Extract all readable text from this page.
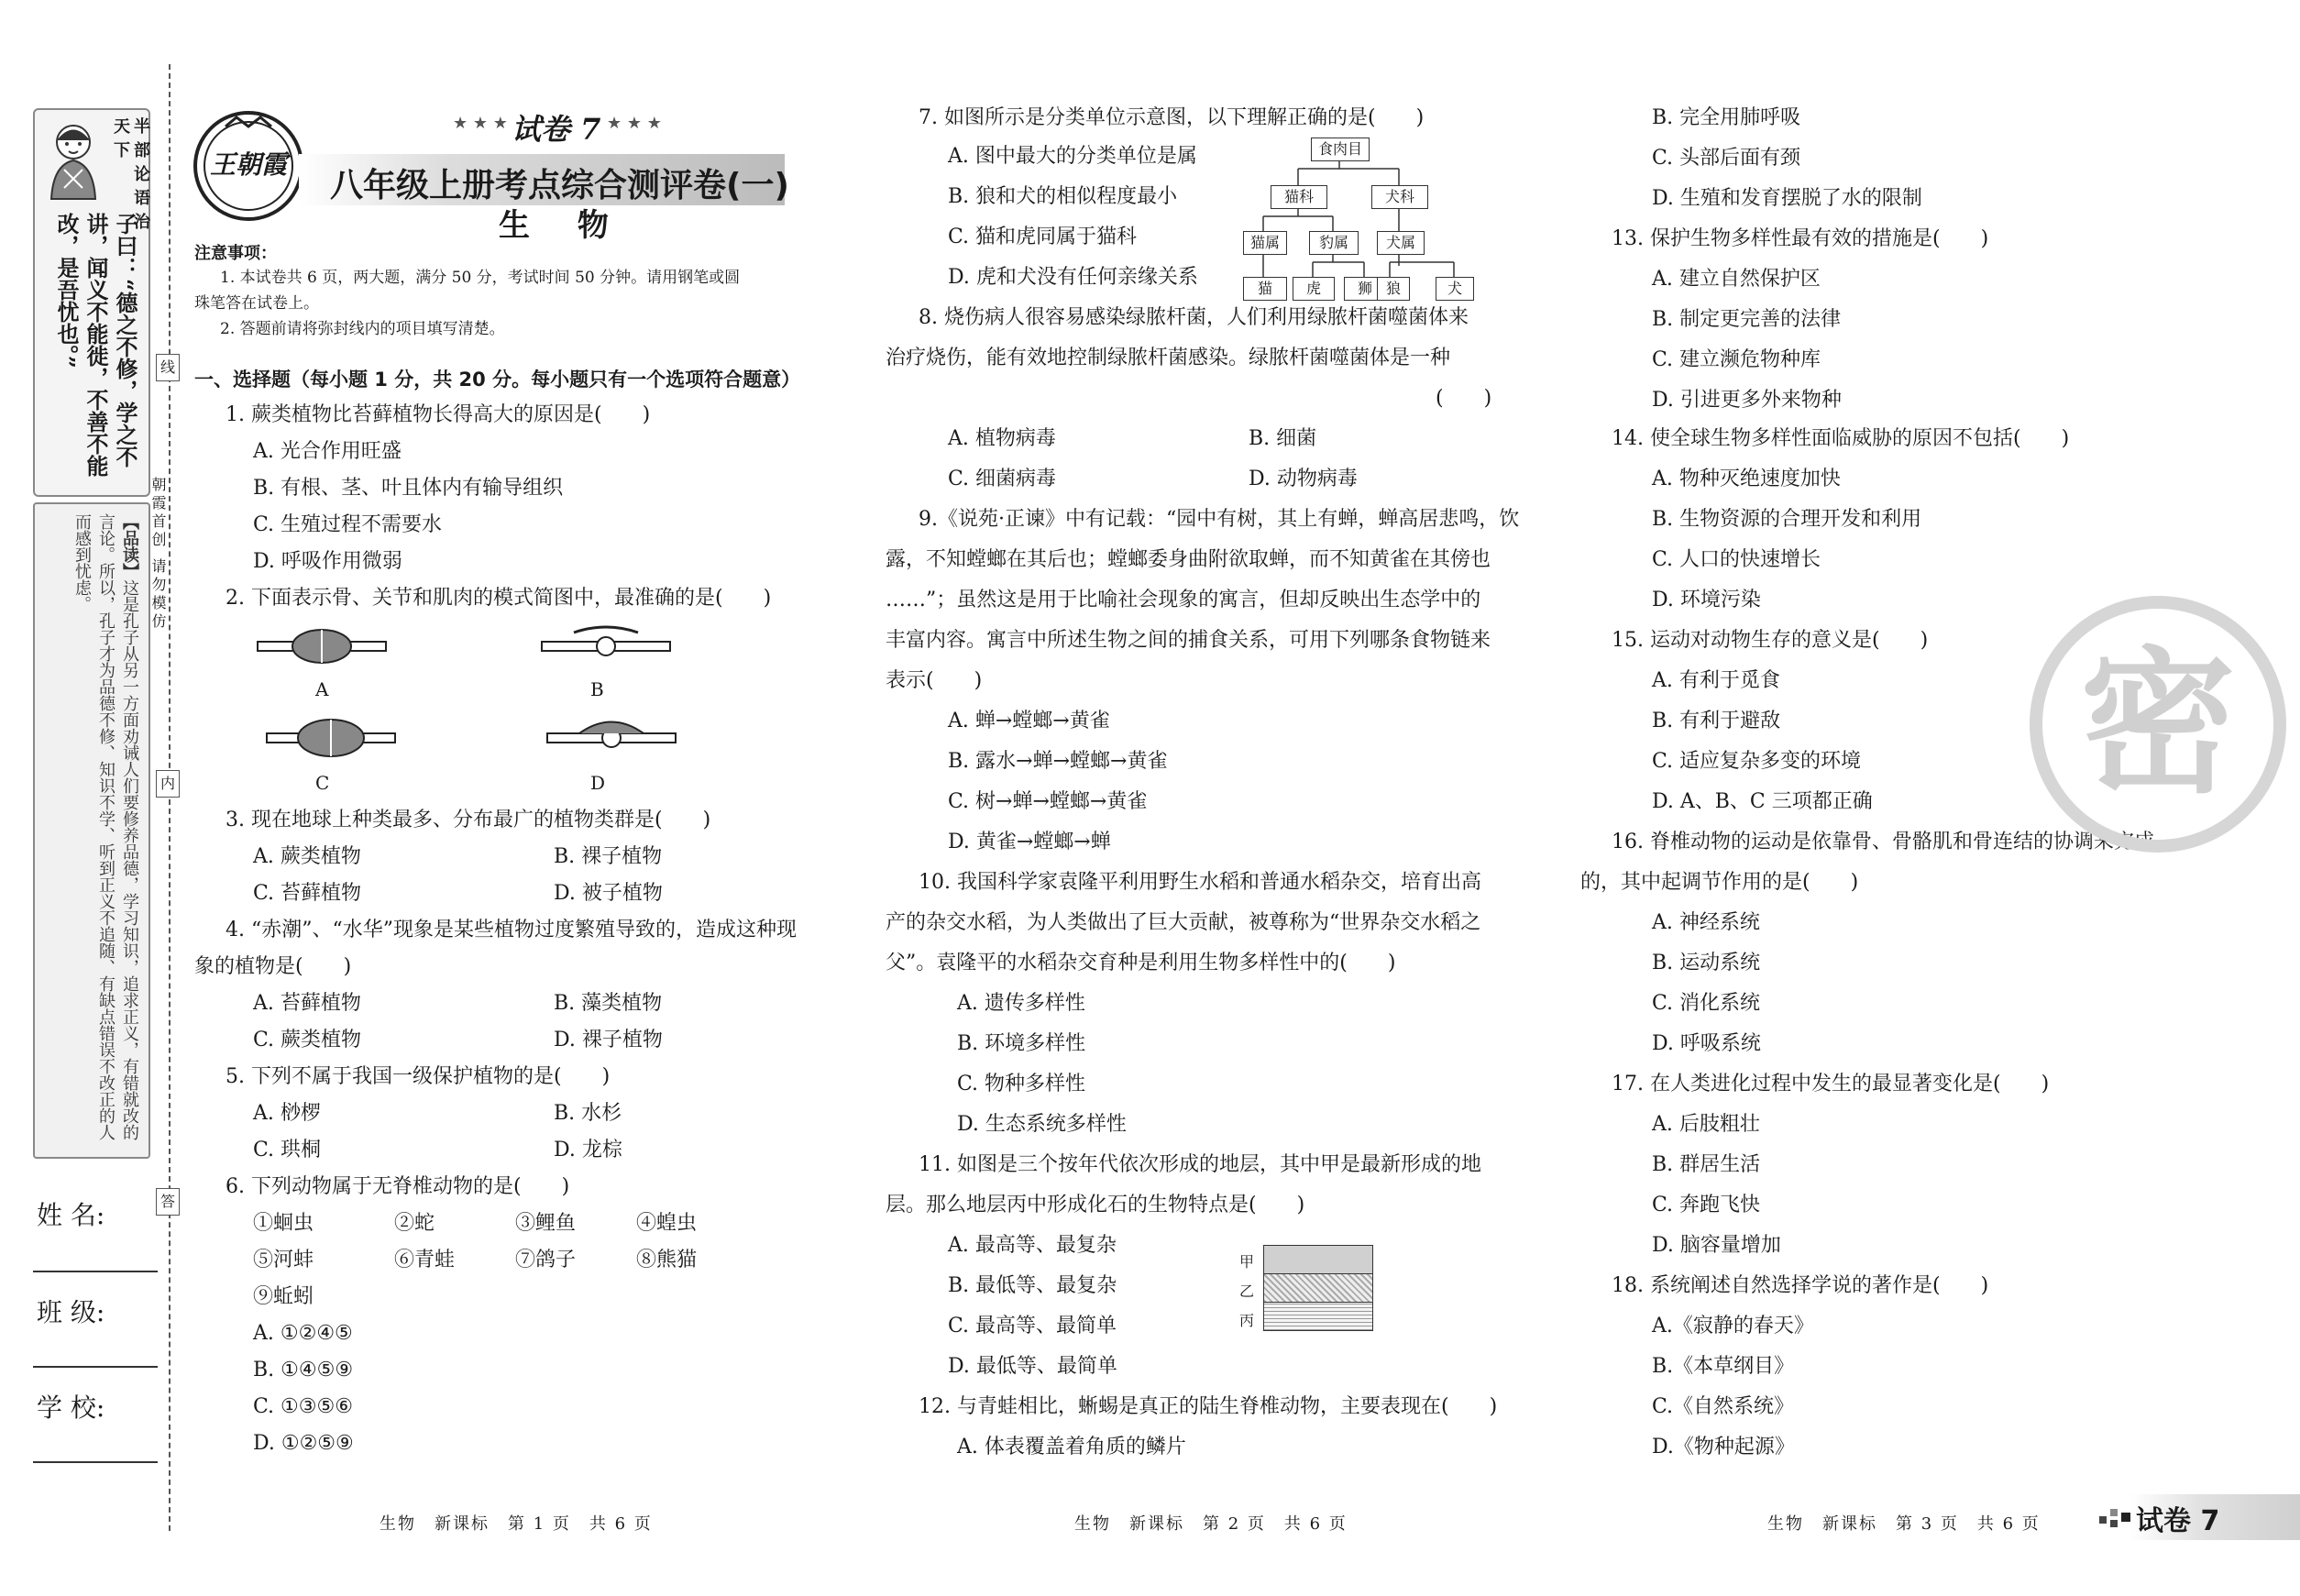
半部论语治天下
子曰：“德之不修，学之不讲，闻义不能徙，不善不能改，是吾忧也。”
【品读】这是孔子从另一方面劝诫人们要修养品德，学习知识，追求正义，有错就改的言论。所以，孔子才为品德不修、知识不学、听到正义不追随、有缺点错误不改正的人而感到忧虑。
姓 名:
班 级:
学 校:
线
内
答
朝霞首创 请勿模仿
王朝霞
★ ★ ★ 试卷 7 ★ ★ ★
八年级上册考点综合测评卷(一)
生 物
注意事项：
1. 本试卷共 6 页，两大题，满分 50 分，考试时间 50 分钟。请用钢笔或圆
珠笔答在试卷上。
2. 答题前请将弥封线内的项目填写清楚。
一、选择题（每小题 1 分，共 20 分。每小题只有一个选项符合题意）
1. 蕨类植物比苔藓植物长得高大的原因是(　　)
A. 光合作用旺盛
B. 有根、茎、叶且体内有输导组织
C. 生殖过程不需要水
D. 呼吸作用微弱
2. 下面表示骨、关节和肌肉的模式简图中，最准确的是(　　)
A	B
C	D
3. 现在地球上种类最多、分布最广的植物类群是(　　)
A. 蕨类植物	B. 裸子植物
C. 苔藓植物	D. 被子植物
4. “赤潮”、“水华”现象是某些植物过度繁殖导致的，造成这种现
象的植物是(　　)
A. 苔藓植物	B. 藻类植物
C. 蕨类植物	D. 裸子植物
5. 下列不属于我国一级保护植物的是(　　)
A. 桫椤	B. 水杉
C. 珙桐	D. 龙棕
6. 下列动物属于无脊椎动物的是(　　)
①蛔虫	②蛇	③鲤鱼	④蝗虫
⑤河蚌	⑥青蛙	⑦鸽子	⑧熊猫
⑨蚯蚓
A. ①②④⑤
B. ①④⑤⑨
C. ①③⑤⑥
D. ①②⑤⑨
生物　新课标　第 1 页　共 6 页
7. 如图所示是分类单位示意图，以下理解正确的是(　　)
A. 图中最大的分类单位是属
B. 狼和犬的相似程度最小
C. 猫和虎同属于猫科
D. 虎和犬没有任何亲缘关系
食肉目
猫科	犬科
猫属	豹属	犬属
猫	虎	狮 狼	犬
8. 烧伤病人很容易感染绿脓杆菌，人们利用绿脓杆菌噬菌体来
治疗烧伤，能有效地控制绿脓杆菌感染。绿脓杆菌噬菌体是一种
(　　)
A. 植物病毒	B. 细菌
C. 细菌病毒	D. 动物病毒
9.《说苑·正谏》中有记载：“园中有树，其上有蝉，蝉高居悲鸣，饮
露，不知螳螂在其后也；螳螂委身曲附欲取蝉，而不知黄雀在其傍也
……”；虽然这是用于比喻社会现象的寓言，但却反映出生态学中的
丰富内容。寓言中所述生物之间的捕食关系，可用下列哪条食物链来
表示(　　)
A. 蝉→螳螂→黄雀
B. 露水→蝉→螳螂→黄雀
C. 树→蝉→螳螂→黄雀
D. 黄雀→螳螂→蝉
10. 我国科学家袁隆平利用野生水稻和普通水稻杂交，培育出高
产的杂交水稻，为人类做出了巨大贡献，被尊称为“世界杂交水稻之
父”。袁隆平的水稻杂交育种是利用生物多样性中的(　　)
A. 遗传多样性
B. 环境多样性
C. 物种多样性
D. 生态系统多样性
11. 如图是三个按年代依次形成的地层，其中甲是最新形成的地
层。那么地层丙中形成化石的生物特点是(　　)
A. 最高等、最复杂
B. 最低等、最复杂
C. 最高等、最简单
D. 最低等、最简单
甲
乙
丙
12. 与青蛙相比，蜥蜴是真正的陆生脊椎动物，主要表现在(　　)
A. 体表覆盖着角质的鳞片
生物　新课标　第 2 页　共 6 页
B. 完全用肺呼吸
C. 头部后面有颈
D. 生殖和发育摆脱了水的限制
13. 保护生物多样性最有效的措施是(　　)
A. 建立自然保护区
B. 制定更完善的法律
C. 建立濒危物种库
D. 引进更多外来物种
14. 使全球生物多样性面临威胁的原因不包括(　　)
A. 物种灭绝速度加快
B. 生物资源的合理开发和利用
C. 人口的快速增长
D. 环境污染
15. 运动对动物生存的意义是(　　)
A. 有利于觅食
B. 有利于避敌
C. 适应复杂多变的环境
D. A、B、C 三项都正确
16. 脊椎动物的运动是依靠骨、骨骼肌和骨连结的协调来完成
的，其中起调节作用的是(　　)
A. 神经系统
B. 运动系统
C. 消化系统
D. 呼吸系统
17. 在人类进化过程中发生的最显著变化是(　　)
A. 后肢粗壮
B. 群居生活
C. 奔跑飞快
D. 脑容量增加
18. 系统阐述自然选择学说的著作是(　　)
A.《寂静的春天》
B.《本草纲目》
C.《自然系统》
D.《物种起源》
生物　新课标　第 3 页　共 6 页
密
试卷 7
